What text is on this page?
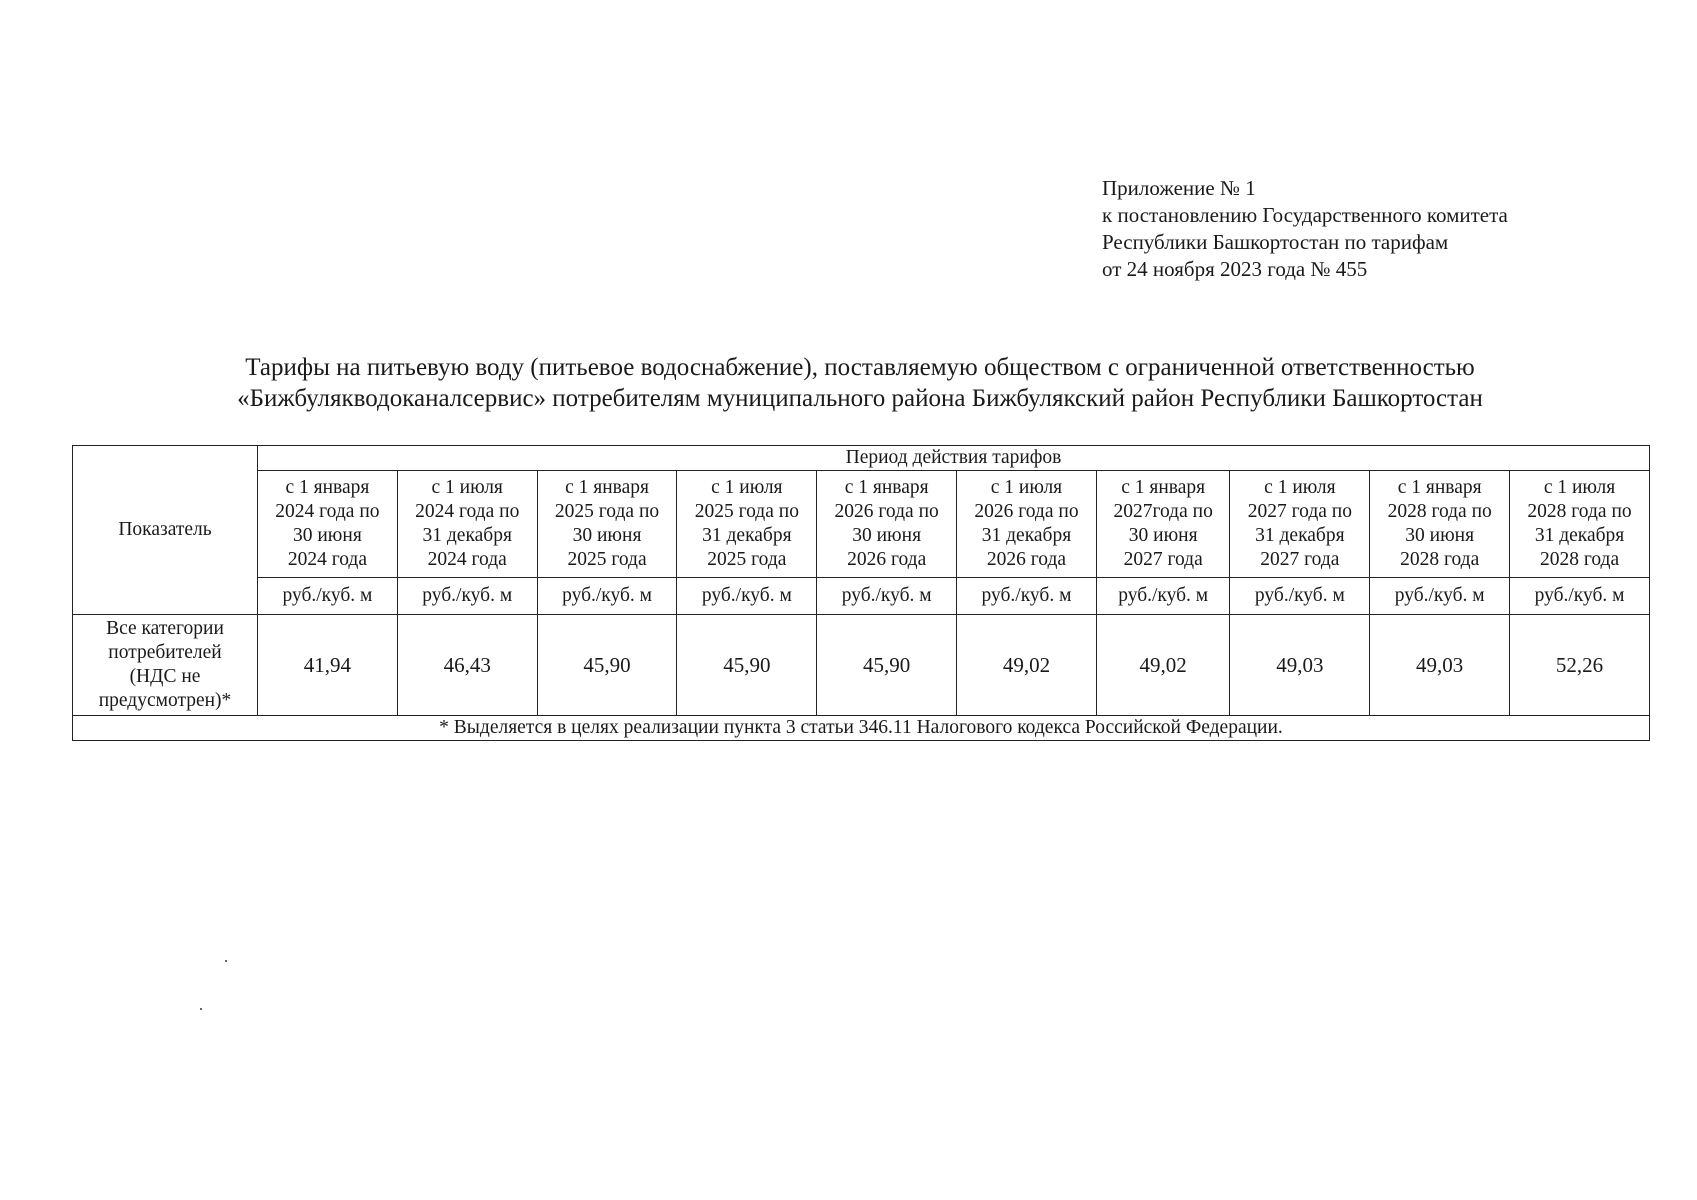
Приложение № 1
к постановлению Государственного комитета
Республики Башкортостан по тарифам
от 24 ноября 2023 года № 455
Тарифы на питьевую воду (питьевое водоснабжение), поставляемую обществом с ограниченной ответственностью
«Бижбулякводоканалсервис» потребителям муниципального района Бижбулякский район Республики Башкортостан
Показатель	Период действия тарифов									
	с 1 января
2024 года по
30 июня
2024 года	с 1 июля
2024 года по
31 декабря
2024 года	с 1 января
2025 года по
30 июня
2025 года	с 1 июля
2025 года по
31 декабря
2025 года	с 1 января
2026 года по
30 июня
2026 года	с 1 июля
2026 года по
31 декабря
2026 года	с 1 января
2027года по
30 июня
2027 года	с 1 июля
2027 года по
31 декабря
2027 года	с 1 января
2028 года по
30 июня
2028 года	с 1 июля
2028 года по
31 декабря
2028 года
	руб./куб. м	руб./куб. м	руб./куб. м	руб./куб. м	руб./куб. м	руб./куб. м	руб./куб. м	руб./куб. м	руб./куб. м	руб./куб. м
Все категории
потребителей
(НДС не
предусмотрен)*	41,94	46,43	45,90	45,90	45,90	49,02	49,02	49,03	49,03	52,26
* Выделяется в целях реализации пункта 3 статьи 346.11 Налогового кодекса Российской Федерации.										
